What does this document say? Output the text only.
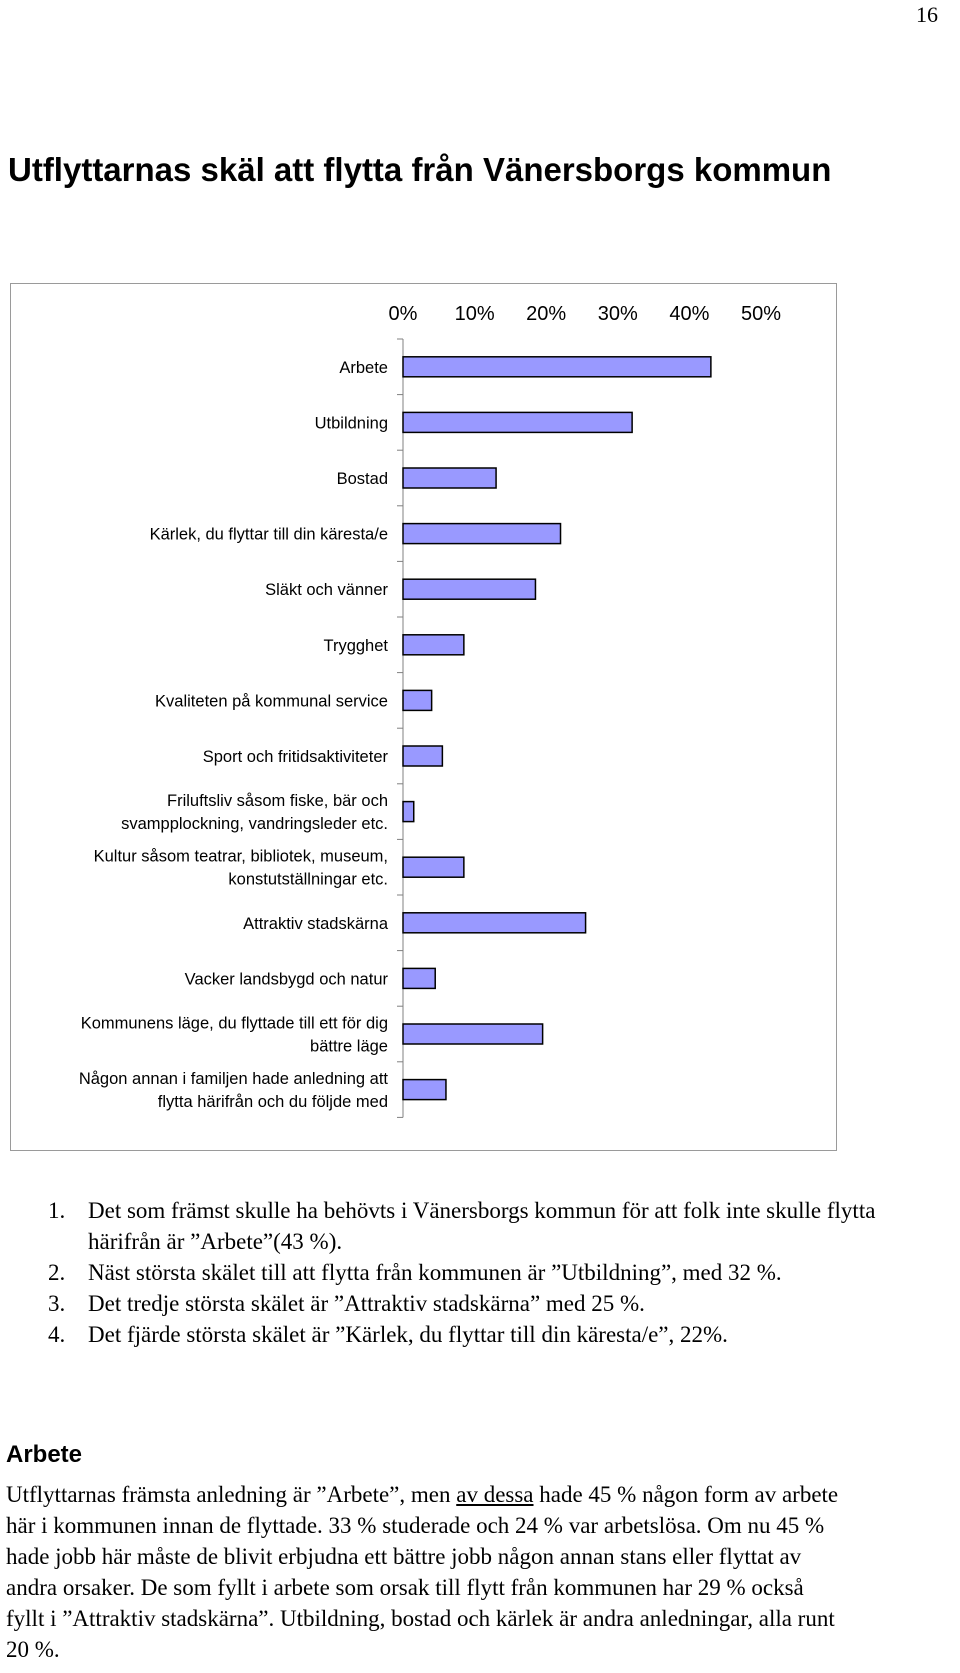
16
Utflyttarnas skäl att flytta från Vänersborgs kommun
0% 10% 20% 30% 40% 50%
Arbete
Utbildning
Bostad
Kärlek, du flyttar till din käresta/e
Släkt och vänner
Trygghet
Kvaliteten på kommunal service
Sport och fritidsaktiviteter
Friluftsliv såsom fiske, bär och
svampplockning, vandringsleder etc.
Kultur såsom teatrar, bibliotek, museum,
konstutställningar etc.
Attraktiv stadskärna
Vacker landsbygd och natur
Kommunens läge, du flyttade till ett för dig
bättre läge
Någon annan i familjen hade anledning att
flytta härifrån och du följde med
1. Det som främst skulle ha behövts i Vänersborgs kommun för att folk inte skulle flytta härifrån är ”Arbete”(43 %).
2. Näst största skälet till att flytta från kommunen är ”Utbildning”, med 32 %.
3. Det tredje största skälet är ”Attraktiv stadskärna” med 25 %.
4. Det fjärde största skälet är ”Kärlek, du flyttar till din käresta/e”, 22%.
Arbete

Utflyttarnas främsta anledning är ”Arbete”, men av dessa hade 45 % någon form av arbete här i kommunen innan de flyttade. 33 % studerade och 24 % var arbetslösa. Om nu 45 % hade jobb här måste de blivit erbjudna ett bättre jobb någon annan stans eller flyttat av andra orsaker. De som fyllt i arbete som orsak till flytt från kommunen har 29 % också fyllt i ”Attraktiv stadskärna”. Utbildning, bostad och kärlek är andra anledningar, alla runt 20 %.
